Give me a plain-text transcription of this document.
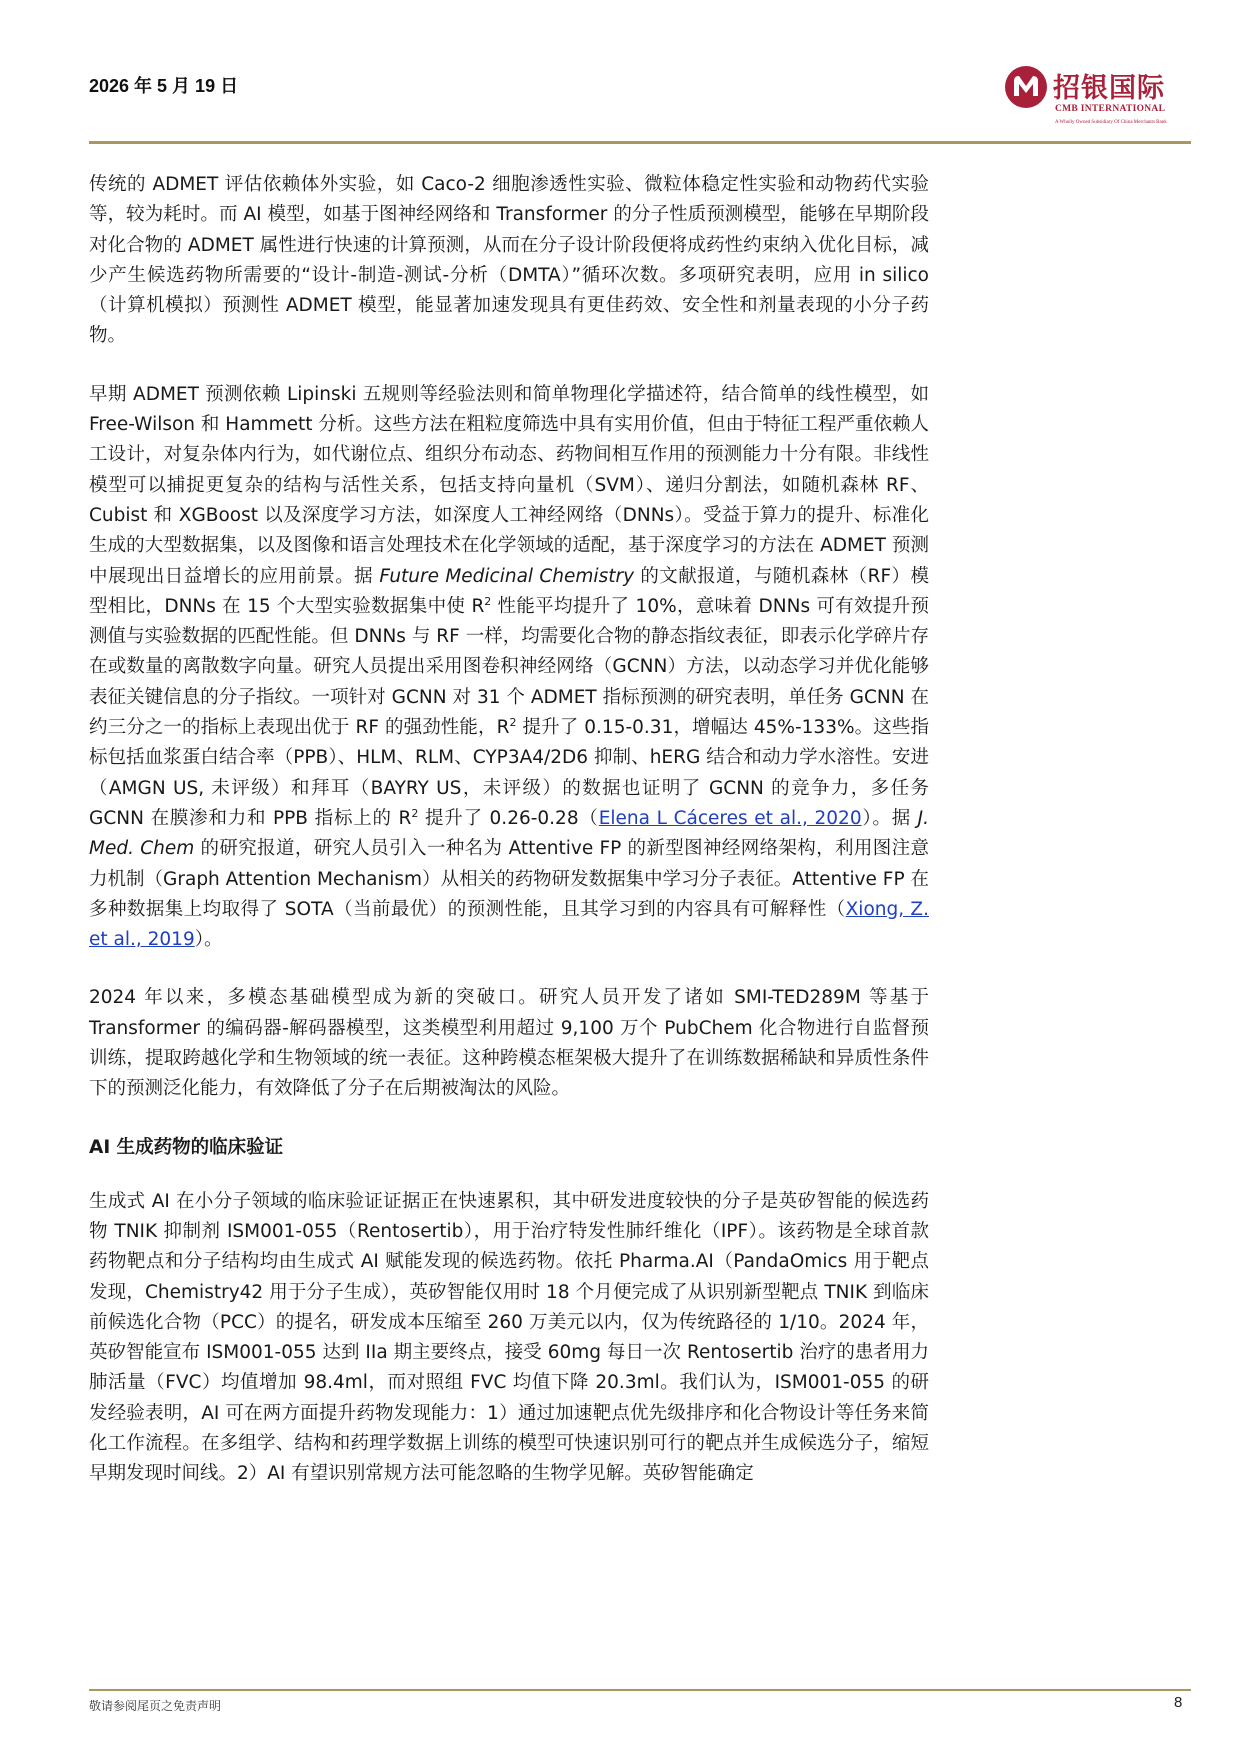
2026 年 5 月 19 日	招银国际
CMB INTERNATIONAL
A Wholly Owned Subsidiary Of China Merchants Bank

传统的 ADMET 评估依赖体外实验，如 Caco-2 细胞渗透性实验、微粒体稳定性实验和动物药代实验等，较为耗时。而 AI 模型，如基于图神经网络和 Transformer 的分子性质预测模型，能够在早期阶段对化合物的 ADMET 属性进行快速的计算预测，从而在分子设计阶段便将成药性约束纳入优化目标，减少产生候选药物所需要的“设计-制造-测试-分析（DMTA）”循环次数。多项研究表明，应用 in silico（计算机模拟）预测性 ADMET 模型，能显著加速发现具有更佳药效、安全性和剂量表现的小分子药物。

早期 ADMET 预测依赖 Lipinski 五规则等经验法则和简单物理化学描述符，结合简单的线性模型，如 Free-Wilson 和 Hammett 分析。这些方法在粗粒度筛选中具有实用价值，但由于特征工程严重依赖人工设计，对复杂体内行为，如代谢位点、组织分布动态、药物间相互作用的预测能力十分有限。非线性模型可以捕捉更复杂的结构与活性关系，包括支持向量机（SVM）、递归分割法，如随机森林 RF、Cubist 和 XGBoost 以及深度学习方法，如深度人工神经网络（DNNs）。受益于算力的提升、标准化生成的大型数据集，以及图像和语言处理技术在化学领域的适配，基于深度学习的方法在 ADMET 预测中展现出日益增长的应用前景。据 Future Medicinal Chemistry 的文献报道，与随机森林（RF）模型相比，DNNs 在 15 个大型实验数据集中使 $R^2$ 性能平均提升了 10%，意味着 DNNs 可有效提升预测值与实验数据的匹配性能。但 DNNs 与 RF 一样，均需要化合物的静态指纹表征，即表示化学碎片存在或数量的离散数字向量。研究人员提出采用图卷积神经网络（GCNN）方法，以动态学习并优化能够表征关键信息的分子指纹。一项针对 GCNN 对 31 个 ADMET 指标预测的研究表明，单任务 GCNN 在约三分之一的指标上表现出优于 RF 的强劲性能，$R^2$ 提升了 0.15-0.31，增幅达 45%-133%。这些指标包括血浆蛋白结合率（PPB）、HLM、RLM、CYP3A4/2D6 抑制、hERG 结合和动力学水溶性。安进（AMGN US, 未评级）和拜耳（BAYRY US，未评级）的数据也证明了 GCNN 的竞争力，多任务 GCNN 在膜渗和力和 PPB 指标上的 $R^2$ 提升了 0.26-0.28（Elena L Cáceres et al., 2020）。据 J. Med. Chem 的研究报道，研究人员引入一种名为 Attentive FP 的新型图神经网络架构，利用图注意力机制（Graph Attention Mechanism）从相关的药物研发数据集中学习分子表征。Attentive FP 在多种数据集上均取得了 SOTA（当前最优）的预测性能，且其学习到的内容具有可解释性（Xiong, Z. et al., 2019）。

2024 年以来，多模态基础模型成为新的突破口。研究人员开发了诸如 SMI-TED289M 等基于 Transformer 的编码器-解码器模型，这类模型利用超过 9,100 万个 PubChem 化合物进行自监督预训练，提取跨越化学和生物领域的统一表征。这种跨模态框架极大提升了在训练数据稀缺和异质性条件下的预测泛化能力，有效降低了分子在后期被淘汰的风险。

AI 生成药物的临床验证

生成式 AI 在小分子领域的临床验证证据正在快速累积，其中研发进度较快的分子是英矽智能的候选药物 TNIK 抑制剂 ISM001-055（Rentosertib），用于治疗特发性肺纤维化（IPF）。该药物是全球首款药物靶点和分子结构均由生成式 AI 赋能发现的候选药物。依托 Pharma.AI（PandaOmics 用于靶点发现，Chemistry42 用于分子生成），英矽智能仅用时 18 个月便完成了从识别新型靶点 TNIK 到临床前候选化合物（PCC）的提名，研发成本压缩至 260 万美元以内，仅为传统路径的 1/10。2024 年，英矽智能宣布 ISM001-055 达到 IIa 期主要终点，接受 60mg 每日一次 Rentosertib 治疗的患者用力肺活量（FVC）均值增加 98.4ml，而对照组 FVC 均值下降 20.3ml。我们认为，ISM001-055 的研发经验表明，AI 可在两方面提升药物发现能力：1）通过加速靶点优先级排序和化合物设计等任务来简化工作流程。在多组学、结构和药理学数据上训练的模型可快速识别可行的靶点并生成候选分子，缩短早期发现时间线。2）AI 有望识别常规方法可能忽略的生物学见解。英矽智能确定

敬请参阅尾页之免责声明	8
